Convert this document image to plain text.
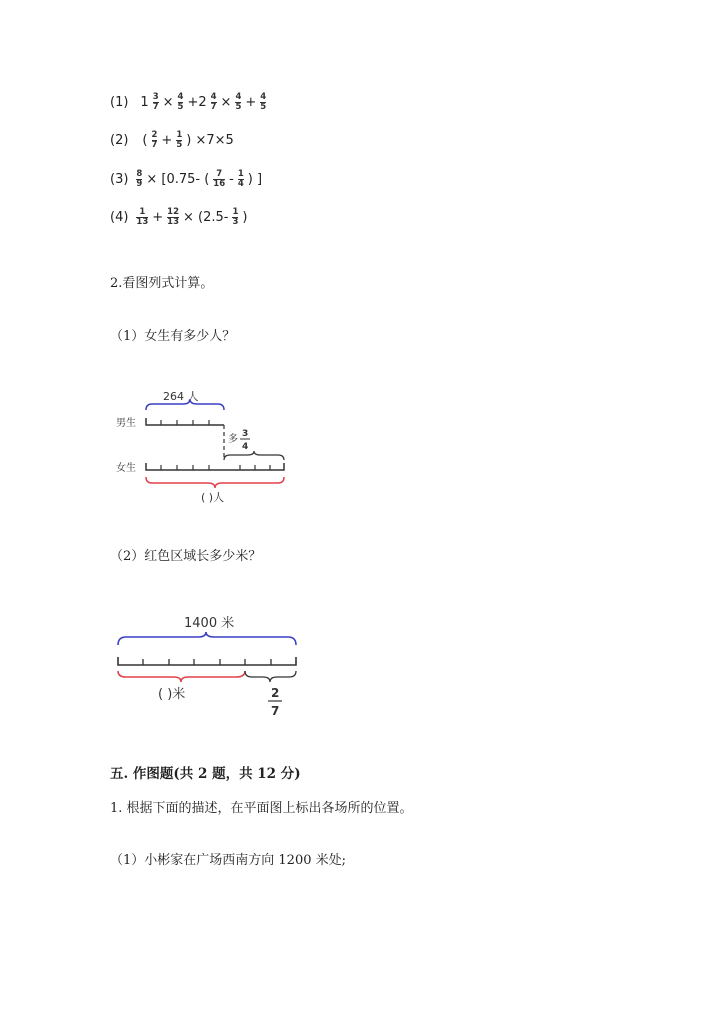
(1) $1 \frac{3}{7} \times \frac{4}{5} +2 \frac{4}{7} \times \frac{4}{5} + \frac{4}{5}$
(2) ( $\frac{2}{7} + \frac{1}{5}$ ) ×7×5
$(3) \frac{8}{9} \times [0.75-$ ( $\frac{7}{16} - \frac{1}{4}$ ) ]
$(4) \frac{1}{13} + \frac{12}{13} \times (2.5- \frac{1}{3}$ )
2.看图列式计算。
（1）女生有多少人？
264 人
男生
多 3
4
女生
( )人
（2）红色区域长多少米？
1400 米
( )米	2
7
五. 作图题(共 2 题，共 12 分)
1. 根据下面的描述，在平面图上标出各场所的位置。
（1）小彬家在广场西南方向 1200 米处;
